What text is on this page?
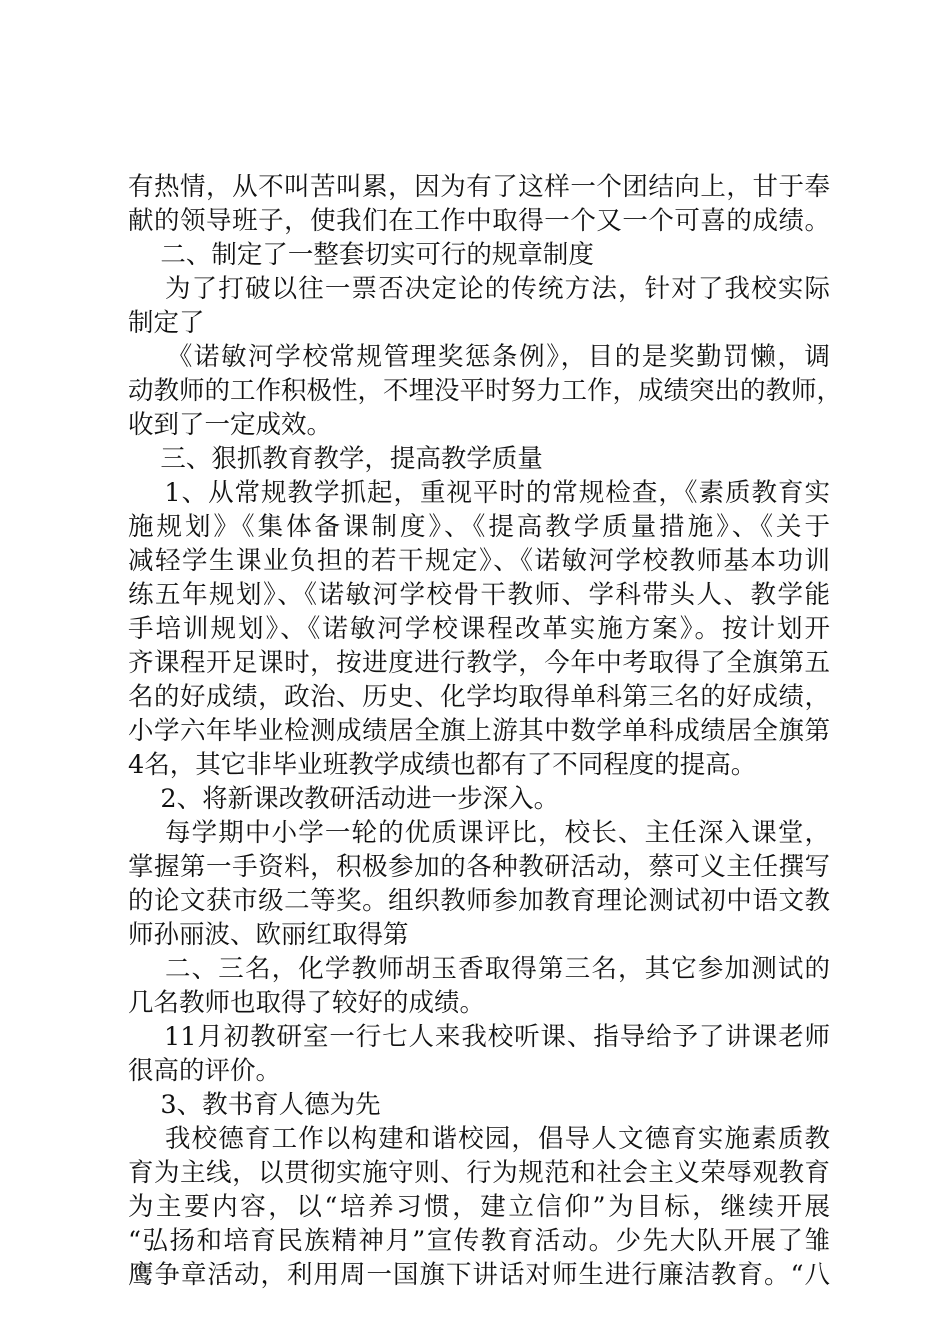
有热情，从不叫苦叫累，因为有了这样一个团结向上，甘于奉
献的领导班子，使我们在工作中取得一个又一个可喜的成绩。
二、制定了一整套切实可行的规章制度
为了打破以往一票否决定论的传统方法，针对了我校实际
制定了
《诺敏河学校常规管理奖惩条例》，目的是奖勤罚懒，调
动教师的工作积极性，不埋没平时努力工作，成绩突出的教师，
收到了一定成效。
三、狠抓教育教学，提高教学质量
1、从常规教学抓起，重视平时的常规检查，《素质教育实
施规划》《集体备课制度》、《提高教学质量措施》、《关于
减轻学生课业负担的若干规定》、《诺敏河学校教师基本功训
练五年规划》、《诺敏河学校骨干教师、学科带头人、教学能
手培训规划》、《诺敏河学校课程改革实施方案》。按计划开
齐课程开足课时，按进度进行教学，今年中考取得了全旗第五
名的好成绩，政治、历史、化学均取得单科第三名的好成绩，
小学六年毕业检测成绩居全旗上游其中数学单科成绩居全旗第
4名，其它非毕业班教学成绩也都有了不同程度的提高。
2、将新课改教研活动进一步深入。
每学期中小学一轮的优质课评比，校长、主任深入课堂，
掌握第一手资料，积极参加的各种教研活动，蔡可义主任撰写
的论文获市级二等奖。组织教师参加教育理论测试初中语文教
师孙丽波、欧丽红取得第
二、三名，化学教师胡玉香取得第三名，其它参加测试的
几名教师也取得了较好的成绩。
11月初教研室一行七人来我校听课、指导给予了讲课老师
很高的评价。
3、教书育人德为先
我校德育工作以构建和谐校园，倡导人文德育实施素质教
育为主线，以贯彻实施守则、行为规范和社会主义荣辱观教育
为主要内容，以“培养习惯，建立信仰”为目标，继续开展
“弘扬和培育民族精神月”宣传教育活动。少先大队开展了雏
鹰争章活动，利用周一国旗下讲话对师生进行廉洁教育。“八
